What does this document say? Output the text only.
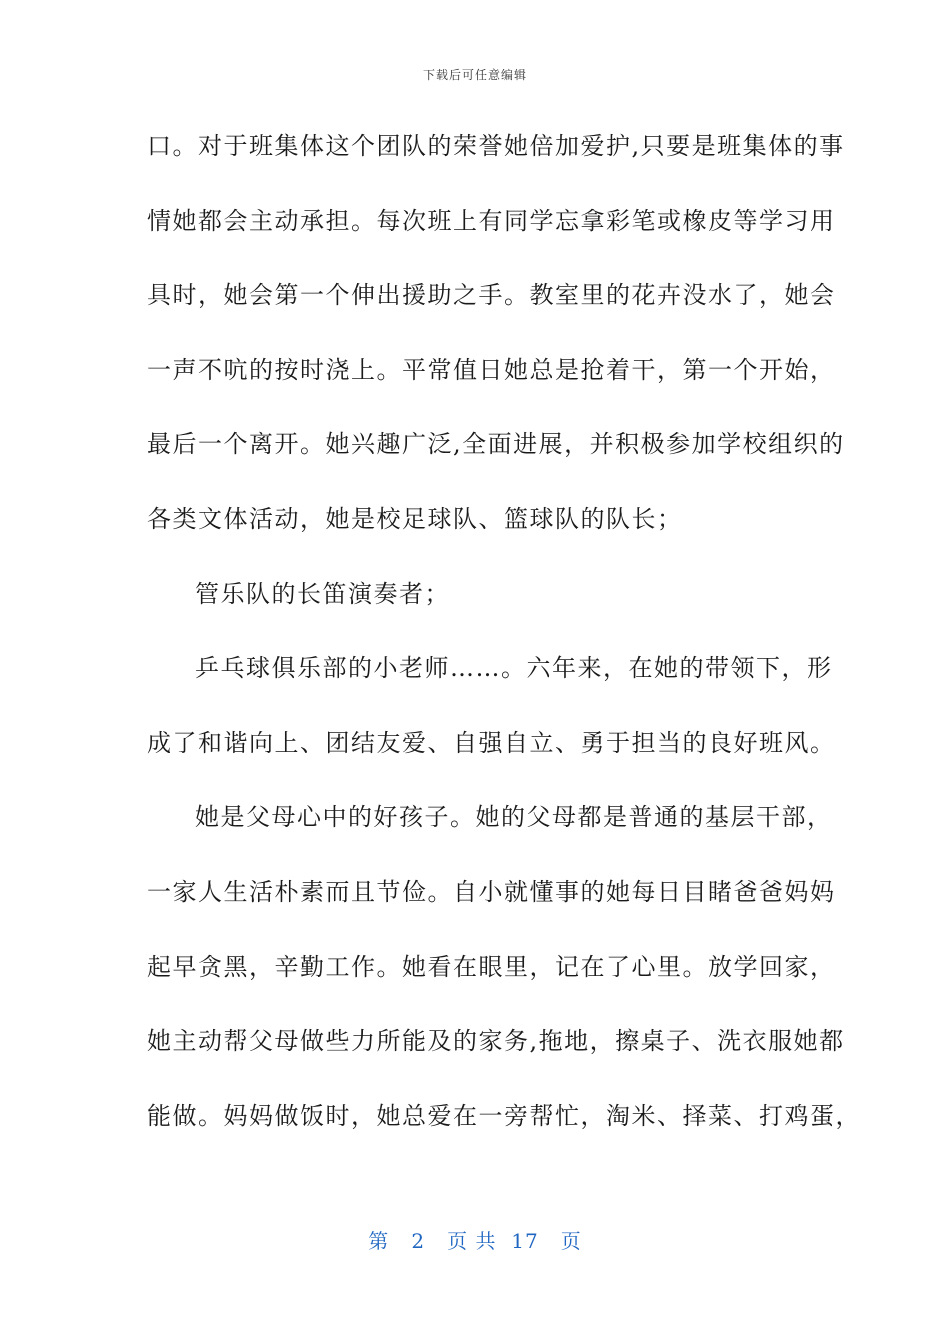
下载后可任意编辑
口。对于班集体这个团队的荣誉她倍加爱护,只要是班集体的事
情她都会主动承担。每次班上有同学忘拿彩笔或橡皮等学习用
具时，她会第一个伸出援助之手。教室里的花卉没水了，她会
一声不吭的按时浇上。平常值日她总是抢着干，第一个开始，
最后一个离开。她兴趣广泛,全面进展，并积极参加学校组织的
各类文体活动，她是校足球队、篮球队的队长；
管乐队的长笛演奏者；
乒乓球俱乐部的小老师……。六年来，在她的带领下，形
成了和谐向上、团结友爱、自强自立、勇于担当的良好班风。
她是父母心中的好孩子。她的父母都是普通的基层干部，
一家人生活朴素而且节俭。自小就懂事的她每日目睹爸爸妈妈
起早贪黑，辛勤工作。她看在眼里，记在了心里。放学回家，
她主动帮父母做些力所能及的家务,拖地，擦桌子、洗衣服她都
能做。妈妈做饭时，她总爱在一旁帮忙，淘米、择菜、打鸡蛋，
第 2 页 共 17 页
